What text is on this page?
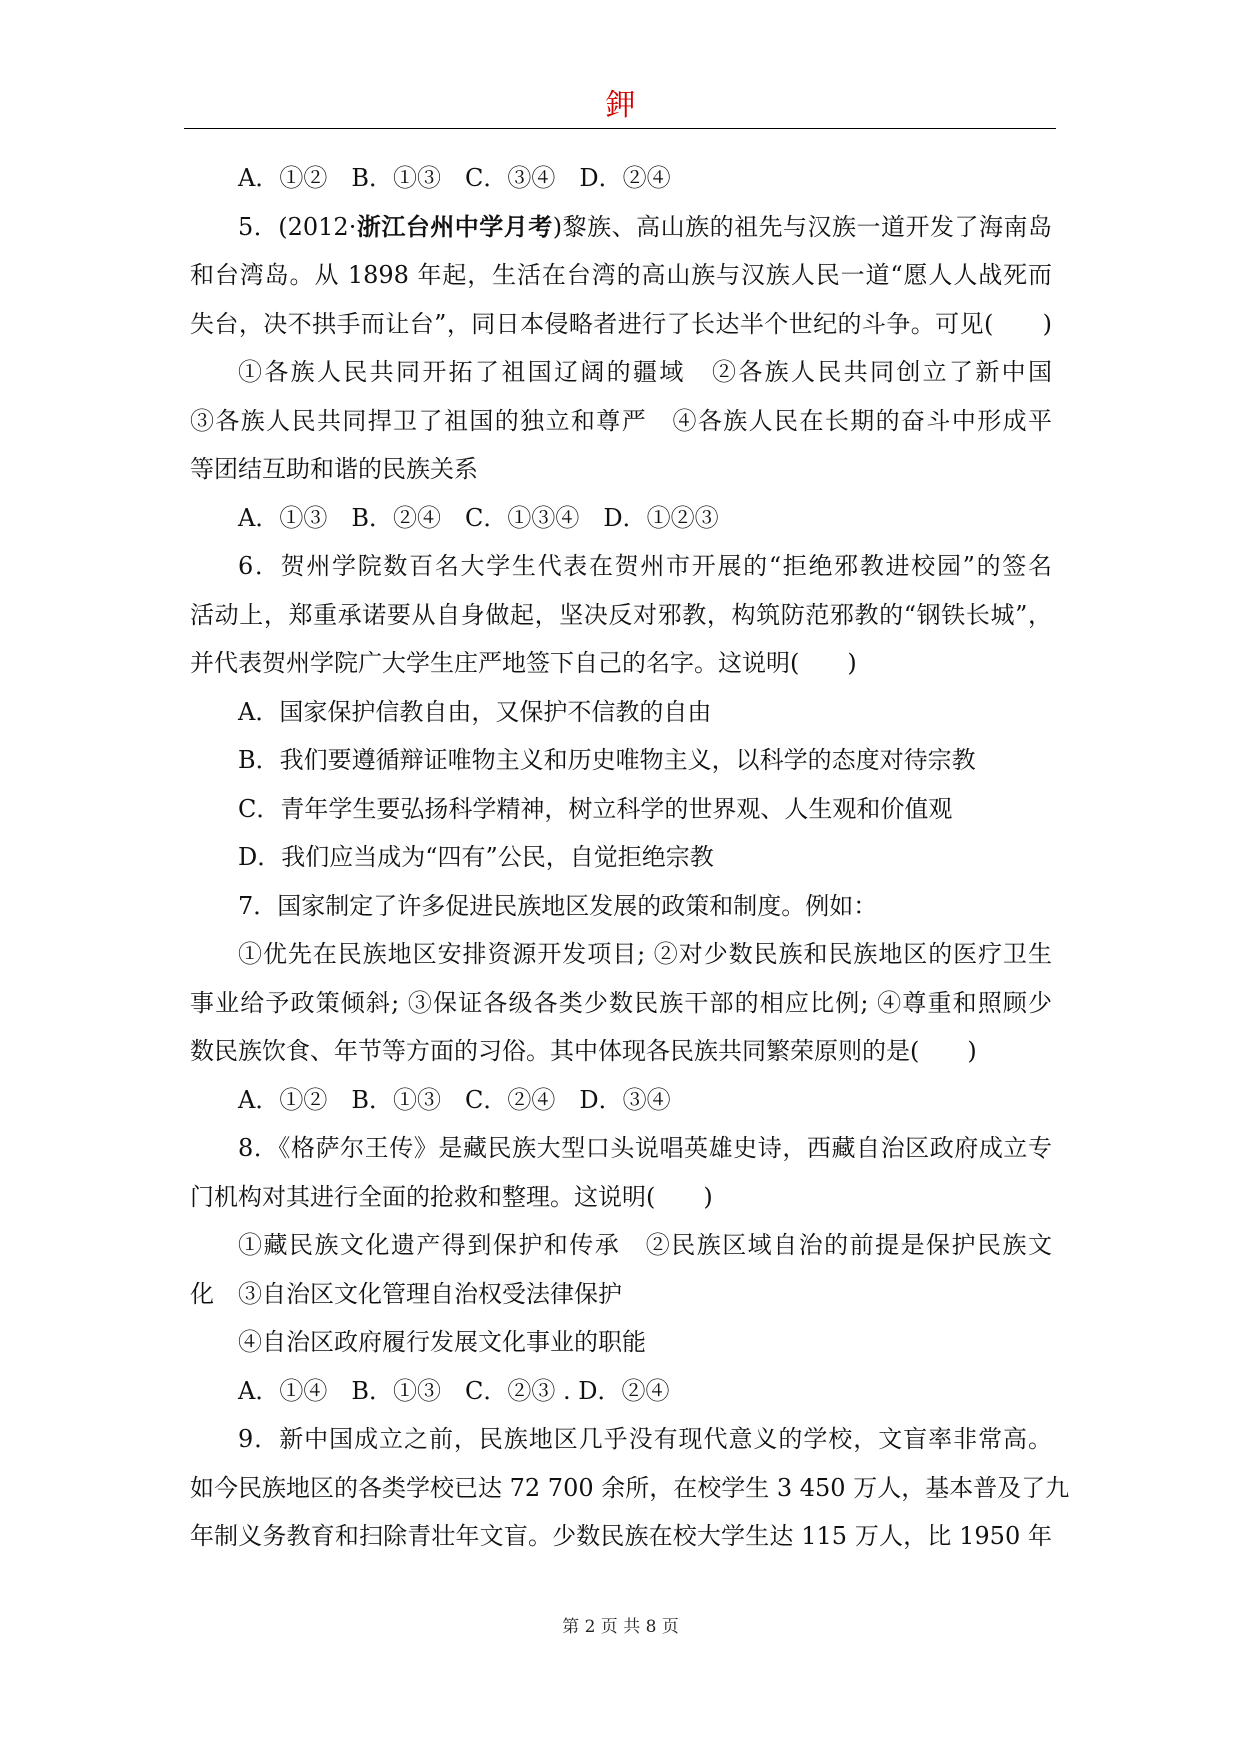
鉀
A．①②　B．①③　C．③④　D．②④
5．(2012·浙江台州中学月考)黎族、高山族的祖先与汉族一道开发了海南岛
和台湾岛。从 1898 年起，生活在台湾的高山族与汉族人民一道“愿人人战死而
失台，决不拱手而让台”，同日本侵略者进行了长达半个世纪的斗争。可见(　　)
①各族人民共同开拓了祖国辽阔的疆域　②各族人民共同创立了新中国
③各族人民共同捍卫了祖国的独立和尊严　④各族人民在长期的奋斗中形成平
等团结互助和谐的民族关系
A．①③　B．②④　C．①③④　D．①②③
6．贺州学院数百名大学生代表在贺州市开展的“拒绝邪教进校园”的签名
活动上，郑重承诺要从自身做起，坚决反对邪教，构筑防范邪教的“钢铁长城”，
并代表贺州学院广大学生庄严地签下自己的名字。这说明(　　)
A．国家保护信教自由，又保护不信教的自由
B．我们要遵循辩证唯物主义和历史唯物主义，以科学的态度对待宗教
C．青年学生要弘扬科学精神，树立科学的世界观、人生观和价值观
D．我们应当成为“四有”公民，自觉拒绝宗教
7．国家制定了许多促进民族地区发展的政策和制度。例如：
①优先在民族地区安排资源开发项目; ②对少数民族和民族地区的医疗卫生
事业给予政策倾斜; ③保证各级各类少数民族干部的相应比例; ④尊重和照顾少
数民族饮食、年节等方面的习俗。其中体现各民族共同繁荣原则的是(　　)
A．①②　B．①③　C．②④　D．③④
8．《格萨尔王传》是藏民族大型口头说唱英雄史诗，西藏自治区政府成立专
门机构对其进行全面的抢救和整理。这说明(　　)
①藏民族文化遗产得到保护和传承　②民族区域自治的前提是保护民族文
化　③自治区文化管理自治权受法律保护
④自治区政府履行发展文化事业的职能
A．①④　B．①③　C．②③ . D．②④
9．新中国成立之前，民族地区几乎没有现代意义的学校，文盲率非常高。
如今民族地区的各类学校已达 72 700 余所，在校学生 3 450 万人，基本普及了九
年制义务教育和扫除青壮年文盲。少数民族在校大学生达 115 万人，比 1950 年
第 2 页 共 8 页
